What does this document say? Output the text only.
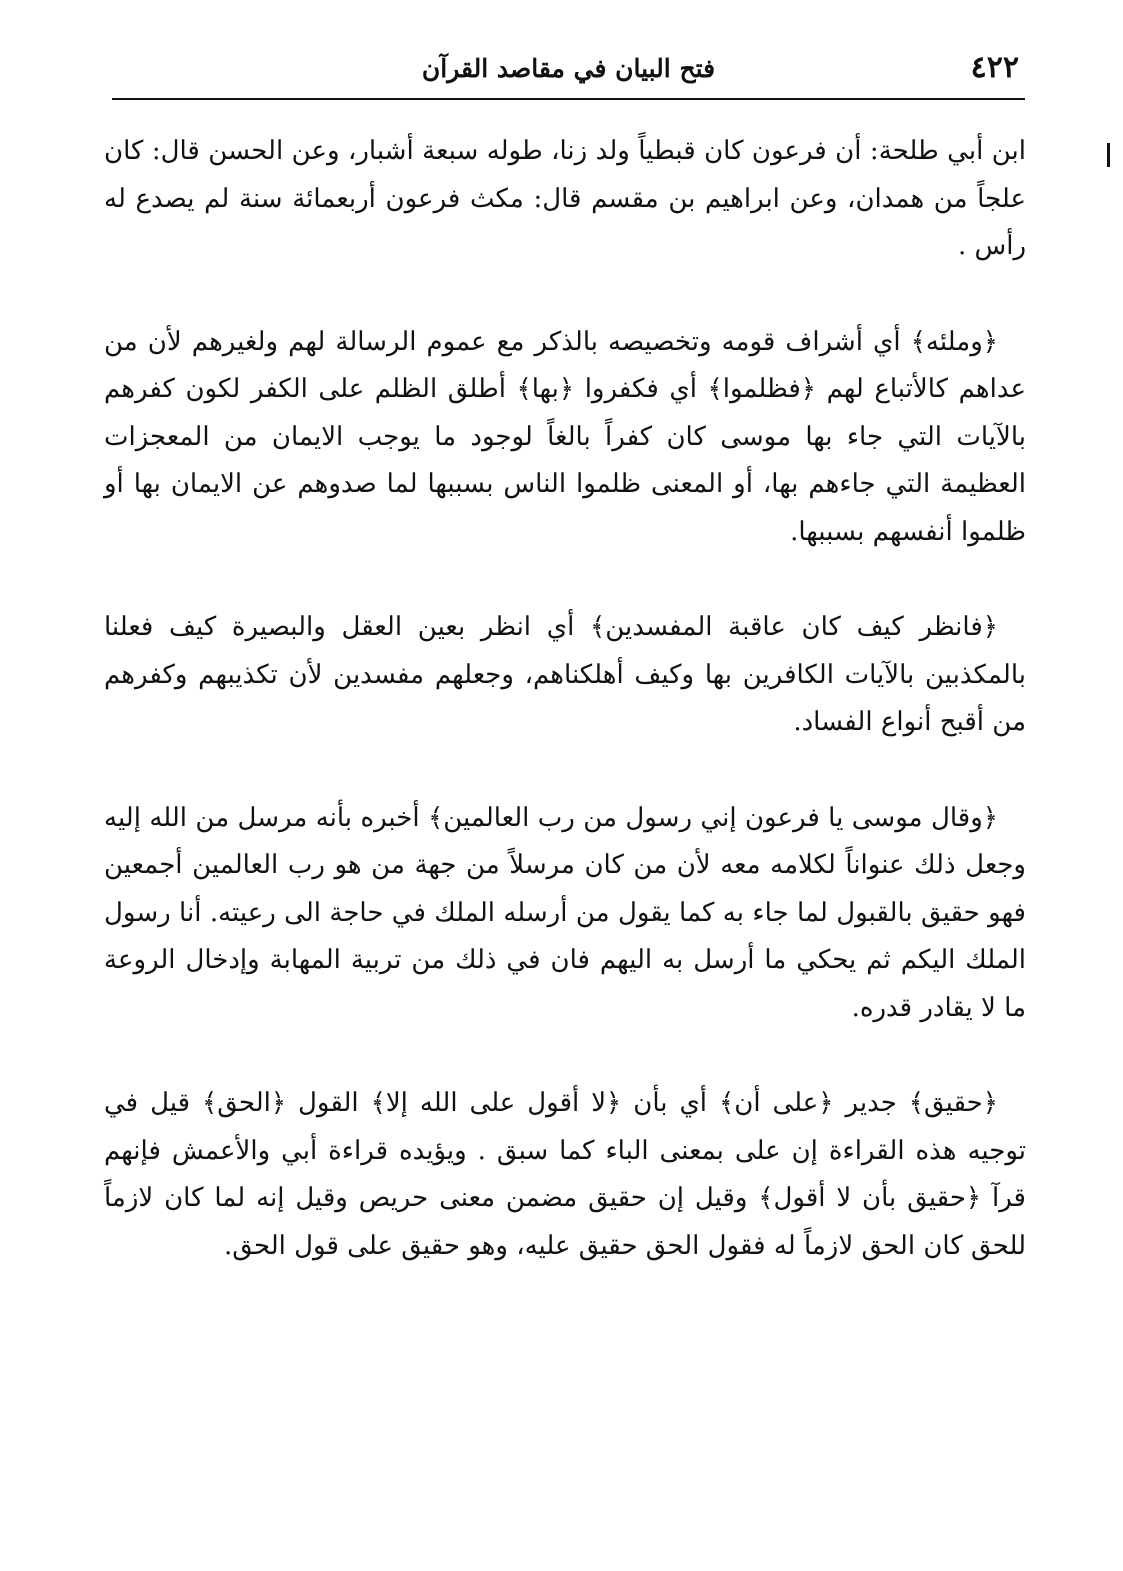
٤٢٢
فتح البيان في مقاصد القرآن

ابن أبي طلحة: أن فرعون كان قبطياً ولد زنا، طوله سبعة أشبار، وعن الحسن قال: كان علجاً من همدان، وعن ابراهيم بن مقسم قال: مكث فرعون أربعمائة سنة لم يصدع له رأس .

﴿وملئه﴾ أي أشراف قومه وتخصيصه بالذكر مع عموم الرسالة لهم ولغيرهم لأن من عداهم كالأتباع لهم ﴿فظلموا﴾ أي فكفروا ﴿بها﴾ أطلق الظلم على الكفر لكون كفرهم بالآيات التي جاء بها موسى كان كفراً بالغاً لوجود ما يوجب الايمان من المعجزات العظيمة التي جاءهم بها، أو المعنى ظلموا الناس بسببها لما صدوهم عن الايمان بها أو ظلموا أنفسهم بسببها.

﴿فانظر كيف كان عاقبة المفسدين﴾ أي انظر بعين العقل والبصيرة كيف فعلنا بالمكذبين بالآيات الكافرين بها وكيف أهلكناهم، وجعلهم مفسدين لأن تكذيبهم وكفرهم من أقبح أنواع الفساد.

﴿وقال موسى يا فرعون إني رسول من رب العالمين﴾ أخبره بأنه مرسل من الله إليه وجعل ذلك عنواناً لكلامه معه لأن من كان مرسلاً من جهة من هو رب العالمين أجمعين فهو حقيق بالقبول لما جاء به كما يقول من أرسله الملك في حاجة الى رعيته. أنا رسول الملك اليكم ثم يحكي ما أرسل به اليهم فان في ذلك من تربية المهابة وإدخال الروعة ما لا يقادر قدره.

﴿حقيق﴾ جدير ﴿على أن﴾ أي بأن ﴿لا أقول على الله إلا﴾ القول ﴿الحق﴾ قيل في توجيه هذه القراءة إن على بمعنى الباء كما سبق . ويؤيده قراءة أبي والأعمش فإنهم قرآ ﴿حقيق بأن لا أقول﴾ وقيل إن حقيق مضمن معنى حريص وقيل إنه لما كان لازماً للحق كان الحق لازماً له فقول الحق حقيق عليه، وهو حقيق على قول الحق.
